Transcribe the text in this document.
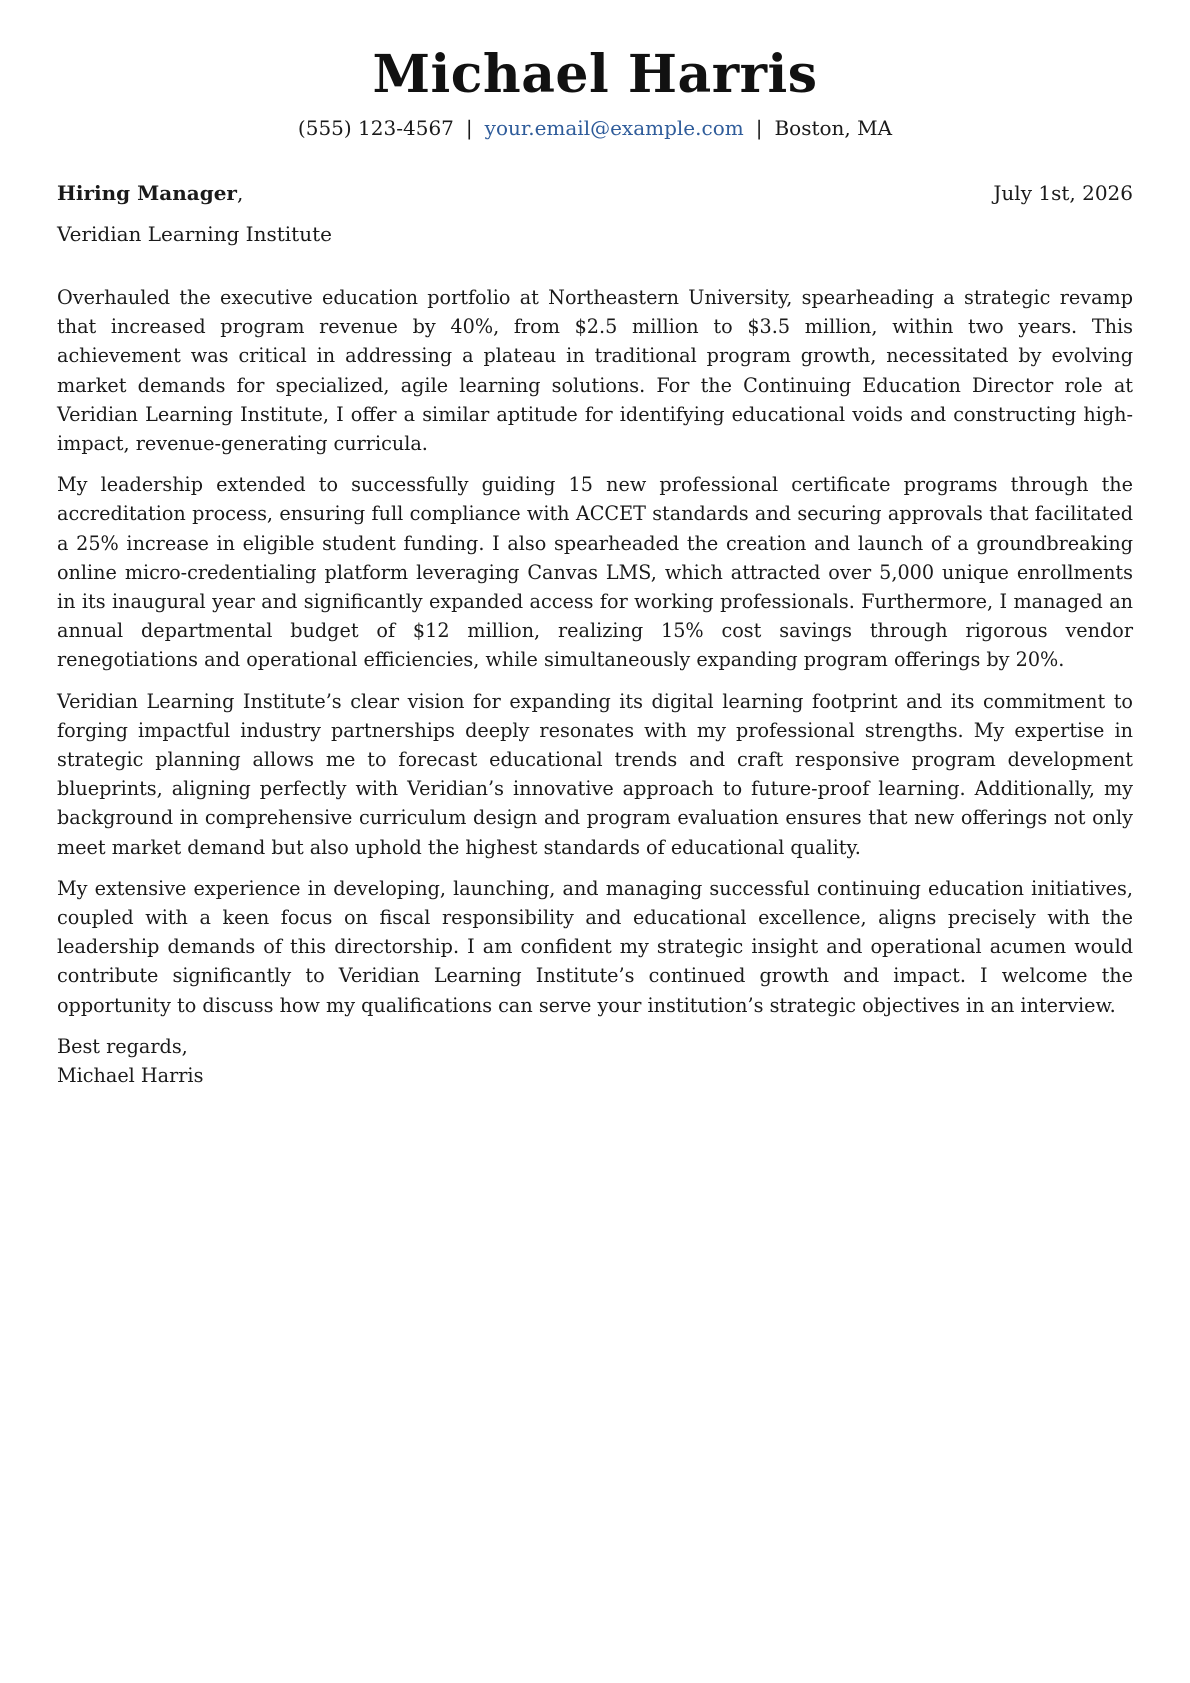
Michael Harris
(555) 123-4567 | your.email@example.com | Boston, MA
Hiring Manager,	July 1st, 2026
Veridian Learning Institute

Overhauled the executive education portfolio at Northeastern University, spearheading a strategic revamp that increased program revenue by 40%, from $2.5 million to $3.5 million, within two years. This achievement was critical in addressing a plateau in traditional program growth, necessitated by evolving market demands for specialized, agile learning solutions. For the Continuing Education Director role at Veridian Learning Institute, I offer a similar aptitude for identifying educational voids and constructing high-impact, revenue-generating curricula.

My leadership extended to successfully guiding 15 new professional certificate programs through the accreditation process, ensuring full compliance with ACCET standards and securing approvals that facilitated a 25% increase in eligible student funding. I also spearheaded the creation and launch of a groundbreaking online micro-credentialing platform leveraging Canvas LMS, which attracted over 5,000 unique enrollments in its inaugural year and significantly expanded access for working professionals. Furthermore, I managed an annual departmental budget of $12 million, realizing 15% cost savings through rigorous vendor renegotiations and operational efficiencies, while simultaneously expanding program offerings by 20%.

Veridian Learning Institute’s clear vision for expanding its digital learning footprint and its commitment to forging impactful industry partnerships deeply resonates with my professional strengths. My expertise in strategic planning allows me to forecast educational trends and craft responsive program development blueprints, aligning perfectly with Veridian’s innovative approach to future-proof learning. Additionally, my background in comprehensive curriculum design and program evaluation ensures that new offerings not only meet market demand but also uphold the highest standards of educational quality.

My extensive experience in developing, launching, and managing successful continuing education initiatives, coupled with a keen focus on fiscal responsibility and educational excellence, aligns precisely with the leadership demands of this directorship. I am confident my strategic insight and operational acumen would contribute significantly to Veridian Learning Institute’s continued growth and impact. I welcome the opportunity to discuss how my qualifications can serve your institution’s strategic objectives in an interview.

Best regards,
Michael Harris
